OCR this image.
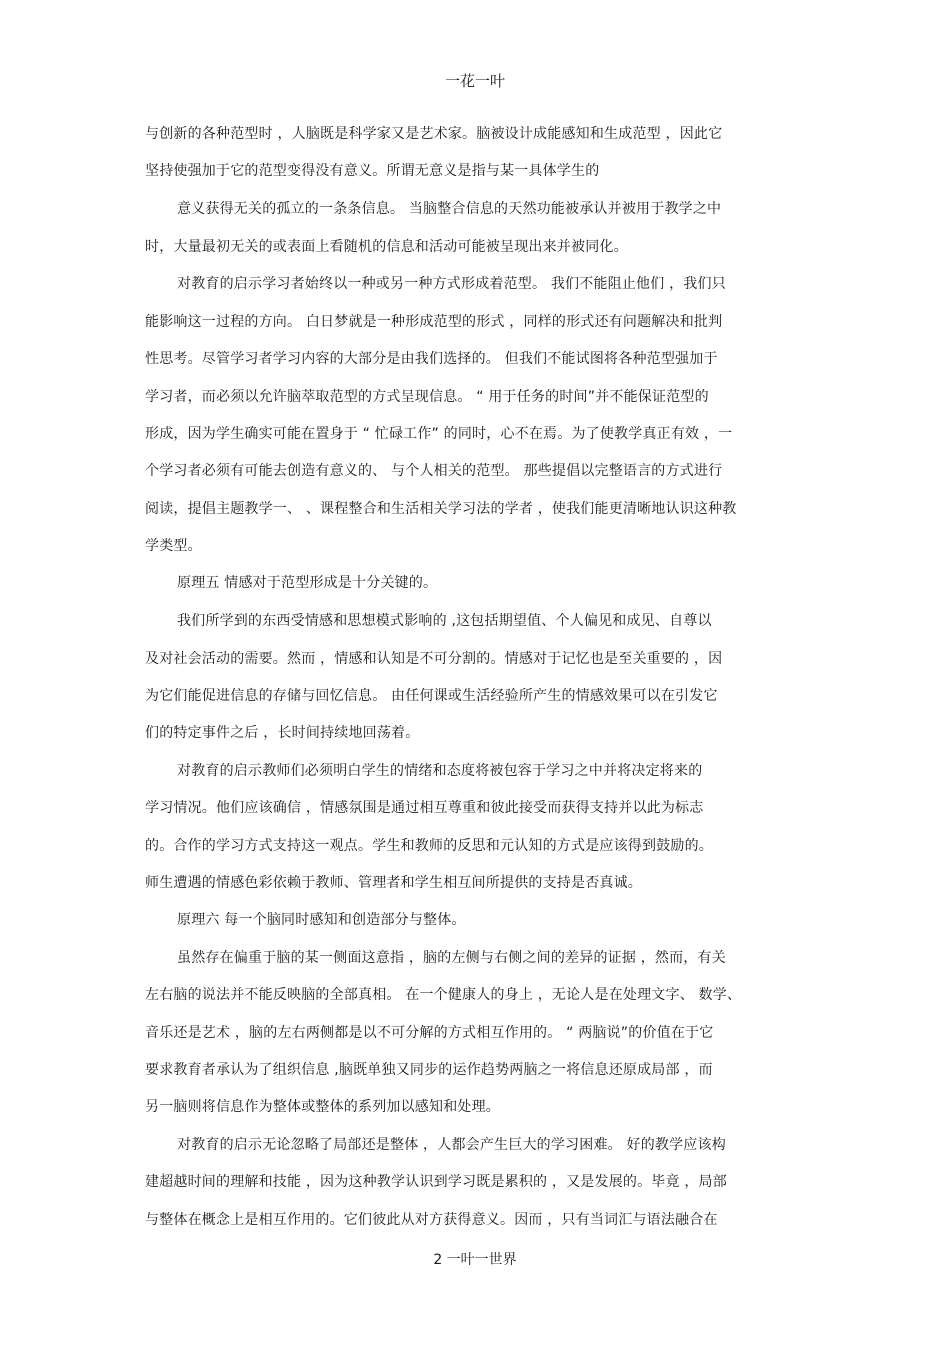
一花一叶
与创新的各种范型时 ，人脑既是科学家又是艺术家。脑被设计成能感知和生成范型 ，因此它
坚持使强加于它的范型变得没有意义。所谓无意义是指与某一具体学生的
意义获得无关的孤立的一条条信息。 当脑整合信息的天然功能被承认并被用于教学之中
时，大量最初无关的或表面上看随机的信息和活动可能被呈现出来并被同化。
对教育的启示学习者始终以一种或另一种方式形成着范型。 我们不能阻止他们 ，我们只
能影响这一过程的方向。 白日梦就是一种形成范型的形式 ，同样的形式还有问题解决和批判
性思考。尽管学习者学习内容的大部分是由我们选择的。 但我们不能试图将各种范型强加于
学习者，而必须以允许脑萃取范型的方式呈现信息。 “ 用于任务的时间”并不能保证范型的
形成，因为学生确实可能在置身于 “ 忙碌工作” 的同时，心不在焉。为了使教学真正有效 ，一
个学习者必须有可能去创造有意义的、 与个人相关的范型。 那些提倡以完整语言的方式进行
阅读，提倡主题教学一、 、课程整合和生活相关学习法的学者 ，使我们能更清晰地认识这种教
学类型。
原理五 情感对于范型形成是十分关键的。
我们所学到的东西受情感和思想模式影响的 ,这包括期望值、个人偏见和成见、自尊以
及对社会活动的需要。然而 ，情感和认知是不可分割的。情感对于记忆也是至关重要的 ，因
为它们能促进信息的存储与回忆信息。 由任何课或生活经验所产生的情感效果可以在引发它
们的特定事件之后 ，长时间持续地回荡着。
对教育的启示教师们必须明白学生的情绪和态度将被包容于学习之中并将决定将来的
学习情况。他们应该确信 ，情感氛围是通过相互尊重和彼此接受而获得支持并以此为标志
的。合作的学习方式支持这一观点。学生和教师的反思和元认知的方式是应该得到鼓励的。
师生遭遇的情感色彩依赖于教师、管理者和学生相互间所提供的支持是否真诚。
原理六 每一个脑同时感知和创造部分与整体。
虽然存在偏重于脑的某一侧面这意指 ，脑的左侧与右侧之间的差异的证据 ，然而，有关
左右脑的说法并不能反映脑的全部真相。 在一个健康人的身上 ，无论人是在处理文字、 数学、
音乐还是艺术 ，脑的左右两侧都是以不可分解的方式相互作用的。 “ 两脑说”的价值在于它
要求教育者承认为了组织信息 ,脑既单独又同步的运作趋势两脑之一将信息还原成局部 ，而
另一脑则将信息作为整体或整体的系列加以感知和处理。
对教育的启示无论忽略了局部还是整体 ，人都会产生巨大的学习困难。 好的教学应该构
建超越时间的理解和技能 ，因为这种教学认识到学习既是累积的 ，又是发展的。毕竟 ，局部
与整体在概念上是相互作用的。它们彼此从对方获得意义。因而 ，只有当词汇与语法融合在
2 一叶一世界
